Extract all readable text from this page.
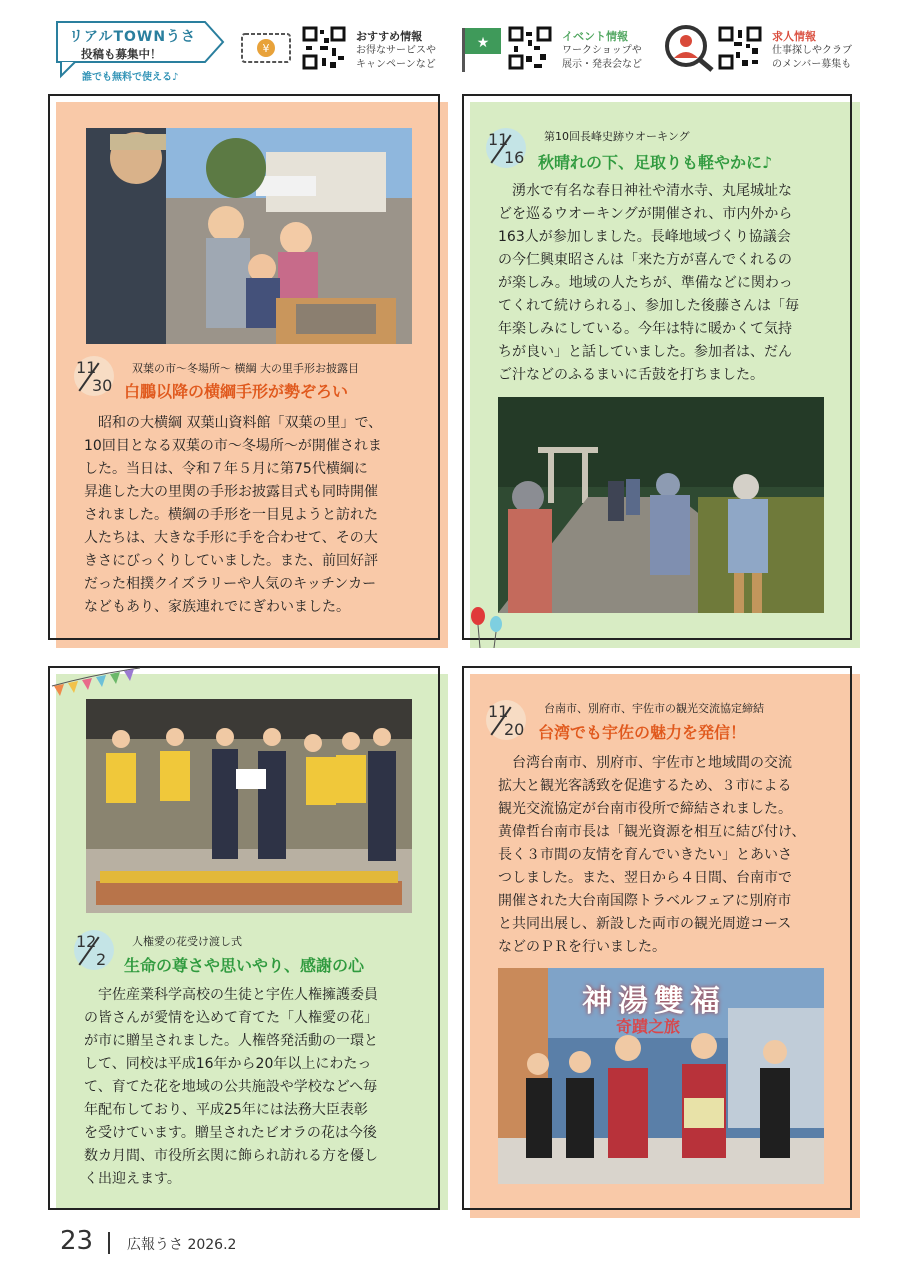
リアルTOWNうさ
投稿も募集中！
誰でも無料で使える♪
¥
おすすめ情報
お得なサービスや
キャンペーンなど
★	イベント情報
ワークショップや
展示・発表会など
求人情報
仕事探しやクラブ
のメンバー募集も
11
30
双葉の市～冬場所～ 横綱 大の里手形お披露目
白鵬以降の横綱手形が勢ぞろい
　昭和の大横綱 双葉山資料館「双葉の里」で、
10回目となる双葉の市～冬場所～が開催されま
した。当日は、令和７年５月に第75代横綱に
昇進した大の里関の手形お披露目式も同時開催
されました。横綱の手形を一目見ようと訪れた
人たちは、大きな手形に手を合わせて、その大
きさにびっくりしていました。また、前回好評
だった相撲クイズラリーや人気のキッチンカー
などもあり、家族連れでにぎわいました。
11
16
第10回長峰史跡ウオーキング
秋晴れの下、足取りも軽やかに♪
　湧水で有名な春日神社や清水寺、丸尾城址な
どを巡るウオーキングが開催され、市内外から
163人が参加しました。長峰地域づくり協議会
の今仁興東昭さんは「来た方が喜んでくれるの
が楽しみ。地域の人たちが、準備などに関わっ
てくれて続けられる」、参加した後藤さんは「毎
年楽しみにしている。今年は特に暖かくて気持
ちが良い」と話していました。参加者は、だん
ご汁などのふるまいに舌鼓を打ちました。
12
2
人権愛の花受け渡し式
生命の尊さや思いやり、感謝の心
　宇佐産業科学高校の生徒と宇佐人権擁護委員
の皆さんが愛情を込めて育てた「人権愛の花」
が市に贈呈されました。人権啓発活動の一環と
して、同校は平成16年から20年以上にわたっ
て、育てた花を地域の公共施設や学校などへ毎
年配布しており、平成25年には法務大臣表彰
を受けています。贈呈されたビオラの花は今後
数カ月間、市役所玄関に飾られ訪れる方を優し
く出迎えます。
11
20
台南市、別府市、宇佐市の観光交流協定締結
台湾でも宇佐の魅力を発信！
　台湾台南市、別府市、宇佐市と地域間の交流
拡大と観光客誘致を促進するため、３市による
観光交流協定が台南市役所で締結されました。
黄偉哲台南市長は「観光資源を相互に結び付け、
長く３市間の友情を育んでいきたい」とあいさ
つしました。また、翌日から４日間、台南市で
開催された大台南国際トラベルフェアに別府市
と共同出展し、新設した両市の観光周遊コース
などのＰＲを行いました。
神湯雙福
奇蹟之旅
23 広報うさ 2026.2
